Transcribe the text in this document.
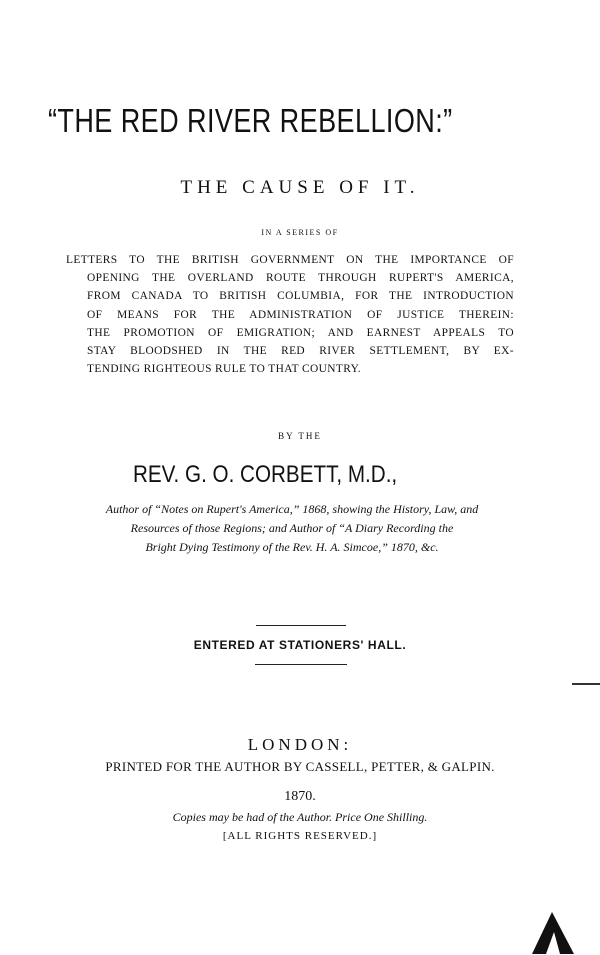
“THE RED RIVER REBELLION:”
THE CAUSE OF IT.
IN A SERIES OF
LETTERS TO THE BRITISH GOVERNMENT ON THE IMPORTANCE OF
OPENING THE OVERLAND ROUTE THROUGH RUPERT'S AMERICA,
FROM CANADA TO BRITISH COLUMBIA, FOR THE INTRODUCTION
OF MEANS FOR THE ADMINISTRATION OF JUSTICE THEREIN:
THE PROMOTION OF EMIGRATION; AND EARNEST APPEALS TO
STAY BLOODSHED IN THE RED RIVER SETTLEMENT, BY EX-
TENDING RIGHTEOUS RULE TO THAT COUNTRY.
BY THE
REV. G. O. CORBETT, M.D.,
Author of “Notes on Rupert's America,” 1868, showing the History, Law, and
Resources of those Regions; and Author of “A Diary Recording the
Bright Dying Testimony of the Rev. H. A. Simcoe,” 1870, &c.
ENTERED AT STATIONERS' HALL.
LONDON:
PRINTED FOR THE AUTHOR BY CASSELL, PETTER, & GALPIN.
1870.
Copies may be had of the Author. Price One Shilling.
[ALL RIGHTS RESERVED.]
